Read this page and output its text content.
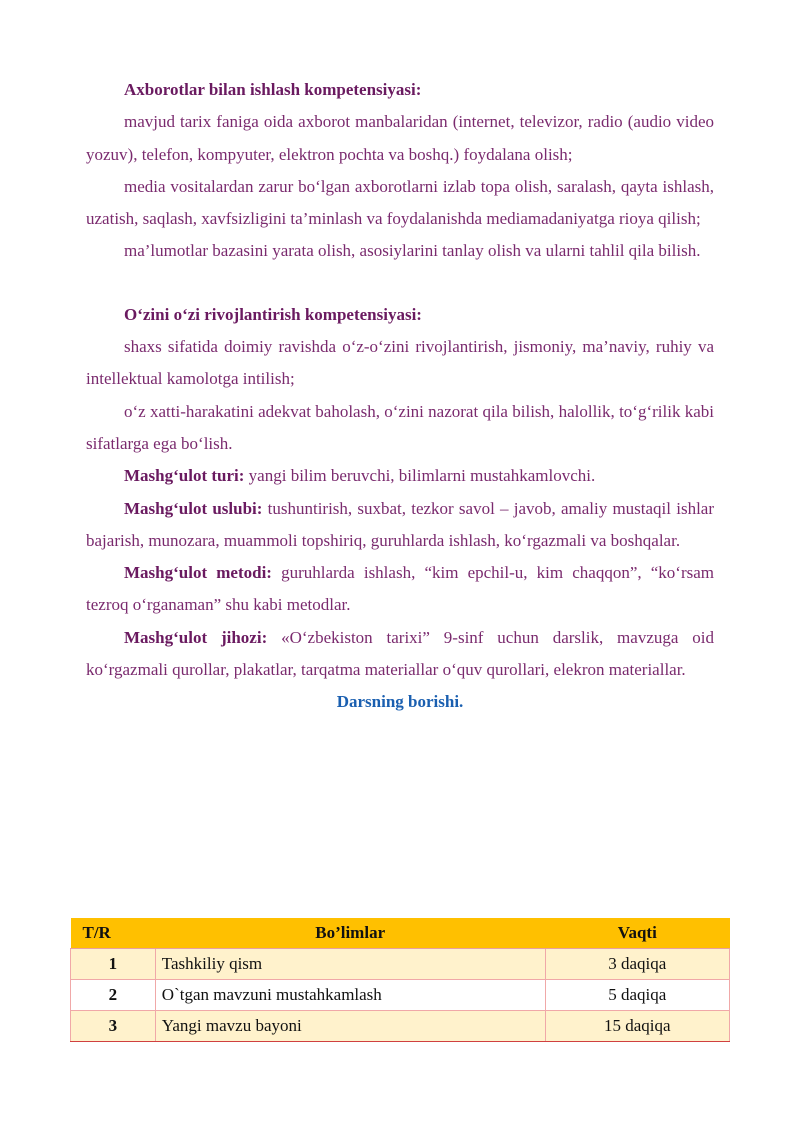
Axborotlar bilan ishlash kompetensiyasi:

mavjud tarix faniga oida axborot manbalaridan (internet, televizor, radio (audio video yozuv), telefon, kompyuter, elektron pochta va boshq.) foydalana olish;

media vositalardan zarur bo‘lgan axborotlarni izlab topa olish, saralash, qayta ishlash, uzatish, saqlash, xavfsizligini ta’minlash va foydalanishda mediamadaniyatga rioya qilish;

ma’lumotlar bazasini yarata olish, asosiylarini tanlay olish va ularni tahlil qila bilish.

O‘zini o‘zi rivojlantirish kompetensiyasi:

shaxs sifatida doimiy ravishda o‘z-o‘zini rivojlantirish, jismoniy, ma’naviy, ruhiy va intellektual kamolotga intilish;

o‘z xatti-harakatini adekvat baholash, o‘zini nazorat qila bilish, halollik, to‘g‘rilik kabi sifatlarga ega bo‘lish.

Mashg‘ulot turi: yangi bilim beruvchi, bilimlarni mustahkamlovchi.

Mashg‘ulot uslubi: tushuntirish, suxbat, tezkor savol – javob, amaliy mustaqil ishlar bajarish, munozara, muammoli topshiriq, guruhlarda ishlash, ko‘rgazmali va boshqalar.

Mashg‘ulot metodi: guruhlarda ishlash, “kim epchil-u, kim chaqqon”, “ko‘rsam tezroq o‘rganaman” shu kabi metodlar.

Mashg‘ulot jihozi: «O‘zbekiston tarixi” 9-sinf uchun darslik, mavzuga oid ko‘rgazmali qurollar, plakatlar, tarqatma materiallar o‘quv qurollari, elekron materiallar.

Darsning borishi.

T/R	Bo’limlar	Vaqti
1	Tashkiliy qism	3 daqiqa
2	O`tgan mavzuni mustahkamlash	5 daqiqa
3	Yangi mavzu bayoni	15 daqiqa
